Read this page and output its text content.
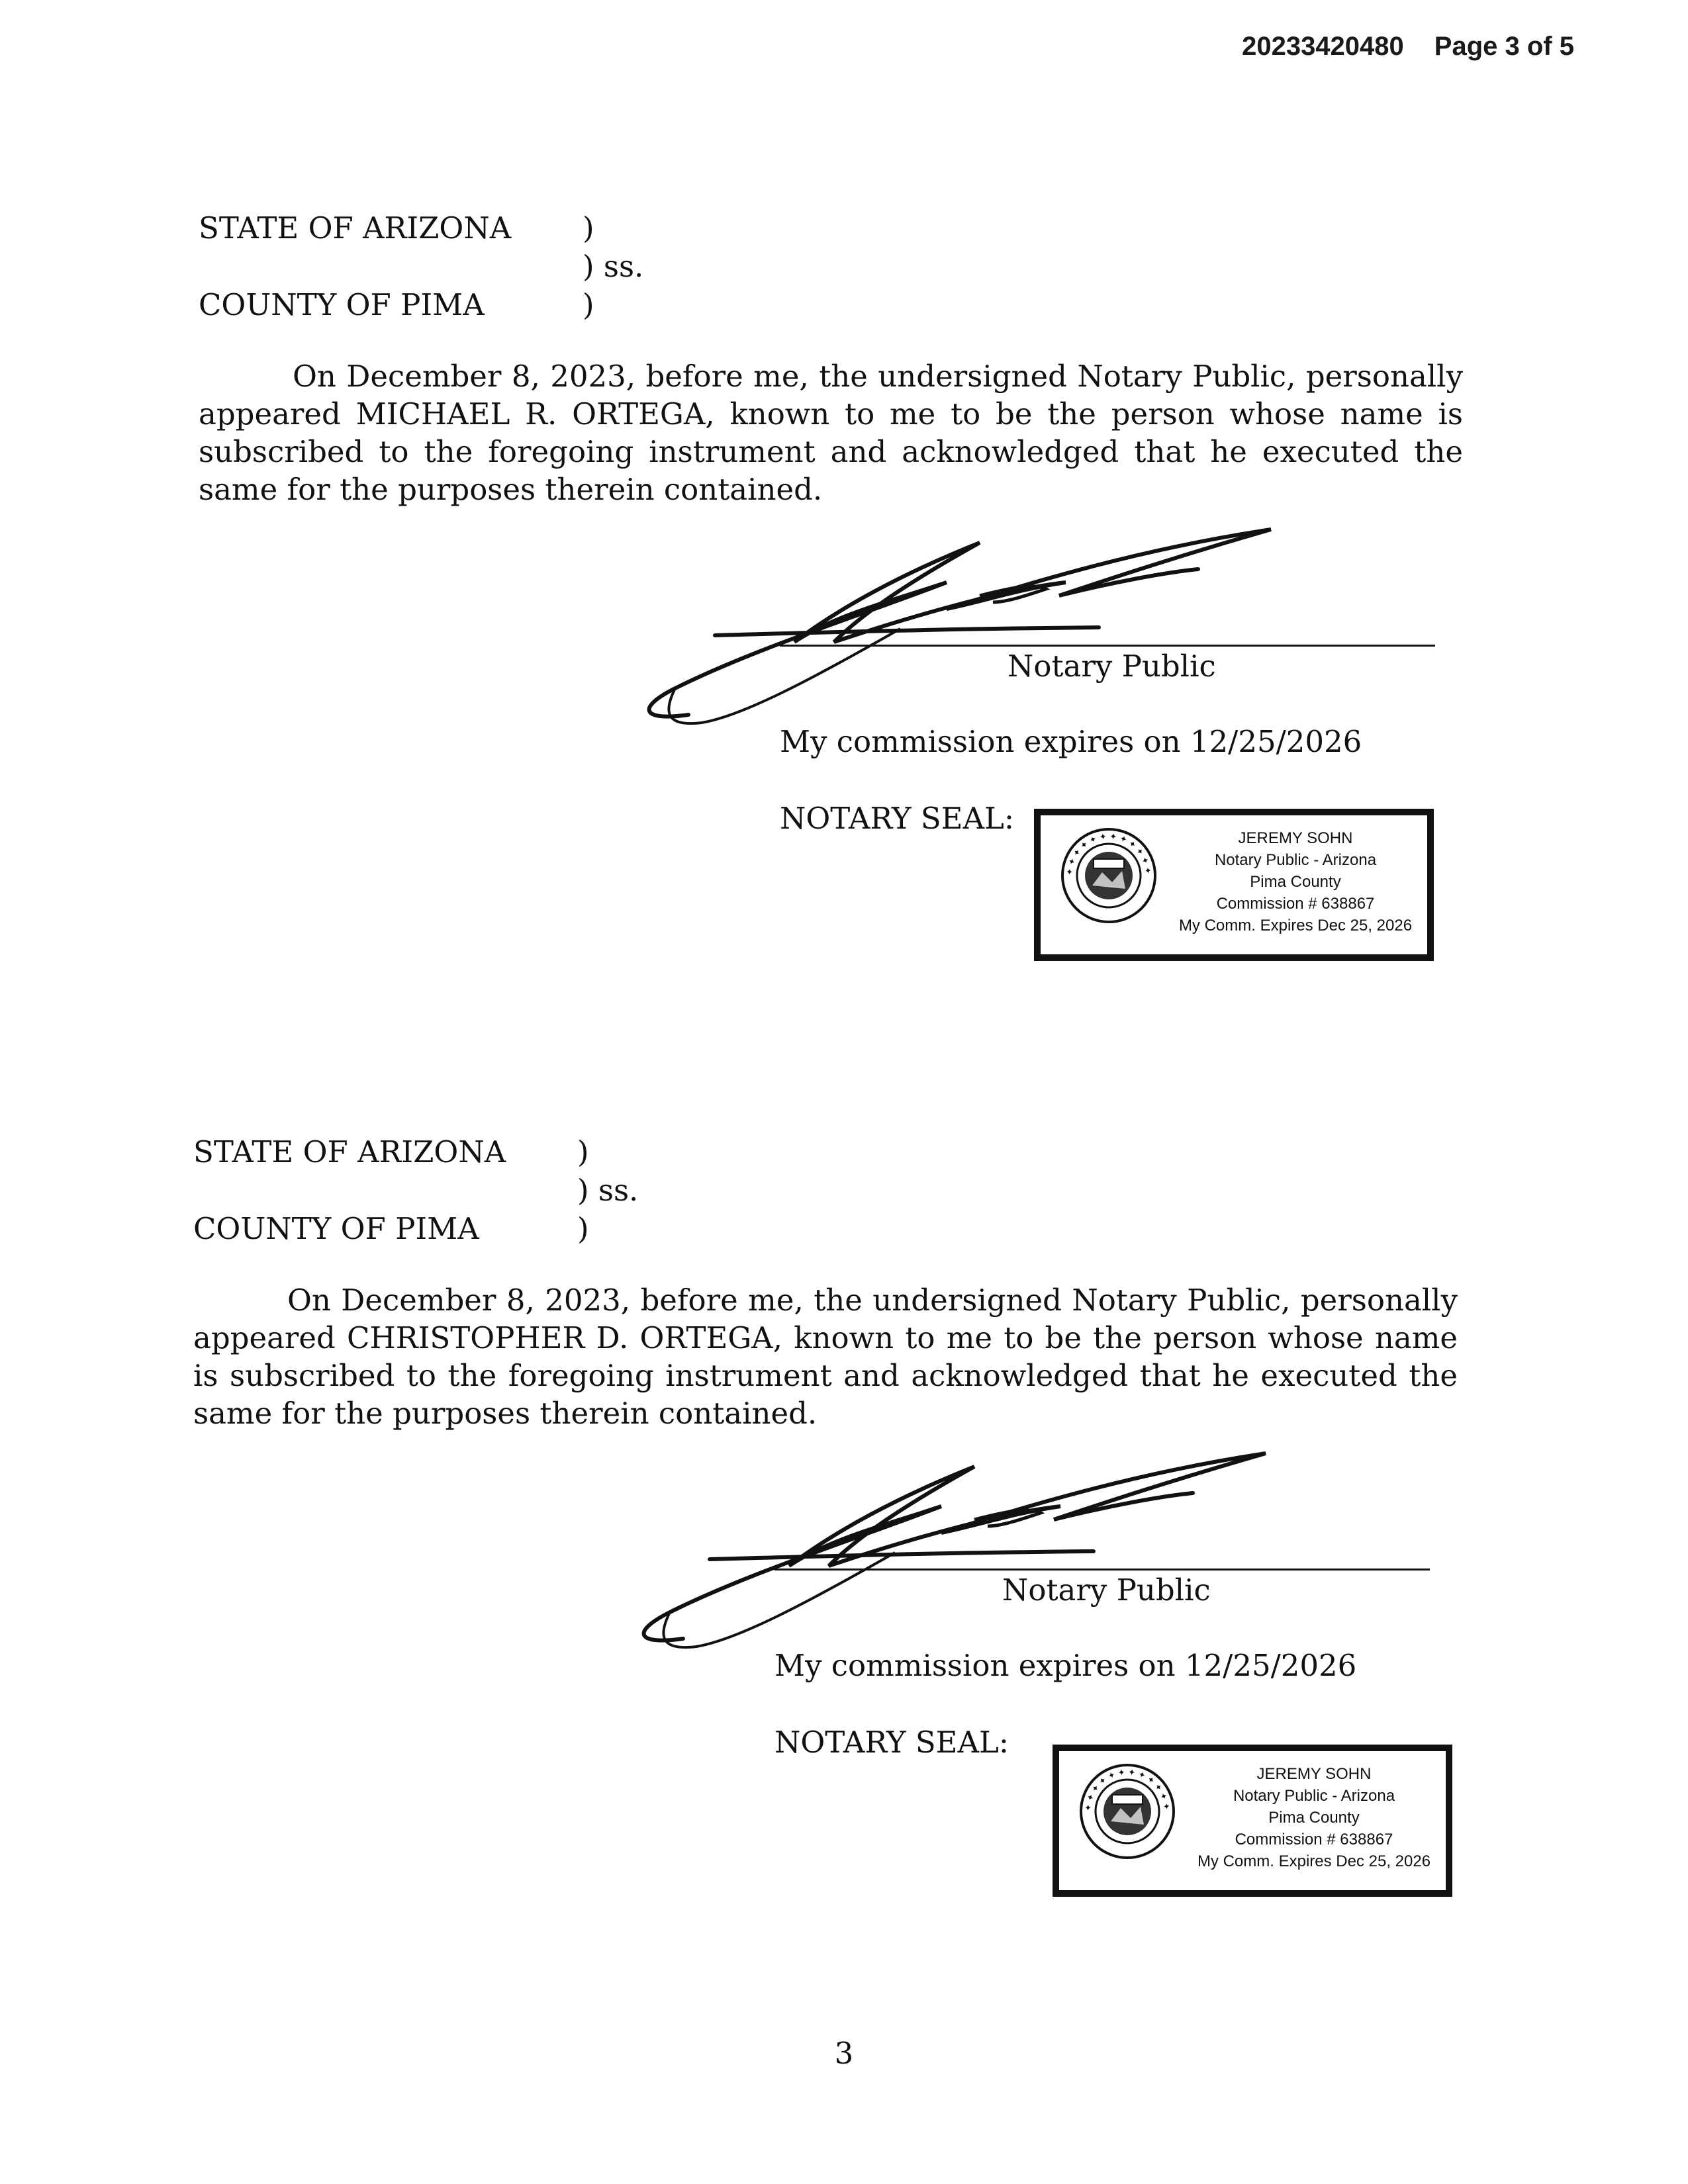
20233420480 Page 3 of 5
STATE OF ARIZONA )
) ss.
)
COUNTY OF PIMA

On December 8, 2023, before me, the undersigned Notary Public, personally appeared MICHAEL R. ORTEGA, known to me to be the person whose name is subscribed to the foregoing instrument and acknowledged that he executed the same for the purposes therein contained.

Notary Public
My commission expires on 12/25/2026
NOTARY SEAL:
✦ ✦ ✦ ✦ ✦ ✦ ✦ ✦ ✦ ✦ ✦ ✦
JEREMY SOHN
Notary Public - Arizona
Pima County
Commission # 638867
My Comm. Expires Dec 25, 2026
STATE OF ARIZONA )
) ss.
)
COUNTY OF PIMA

On December 8, 2023, before me, the undersigned Notary Public, personally appeared CHRISTOPHER D. ORTEGA, known to me to be the person whose name is subscribed to the foregoing instrument and acknowledged that he executed the same for the purposes therein contained.

Notary Public
My commission expires on 12/25/2026
NOTARY SEAL:
✦ ✦ ✦ ✦ ✦ ✦ ✦ ✦ ✦ ✦ ✦ ✦
JEREMY SOHN
Notary Public - Arizona
Pima County
Commission # 638867
My Comm. Expires Dec 25, 2026
3
